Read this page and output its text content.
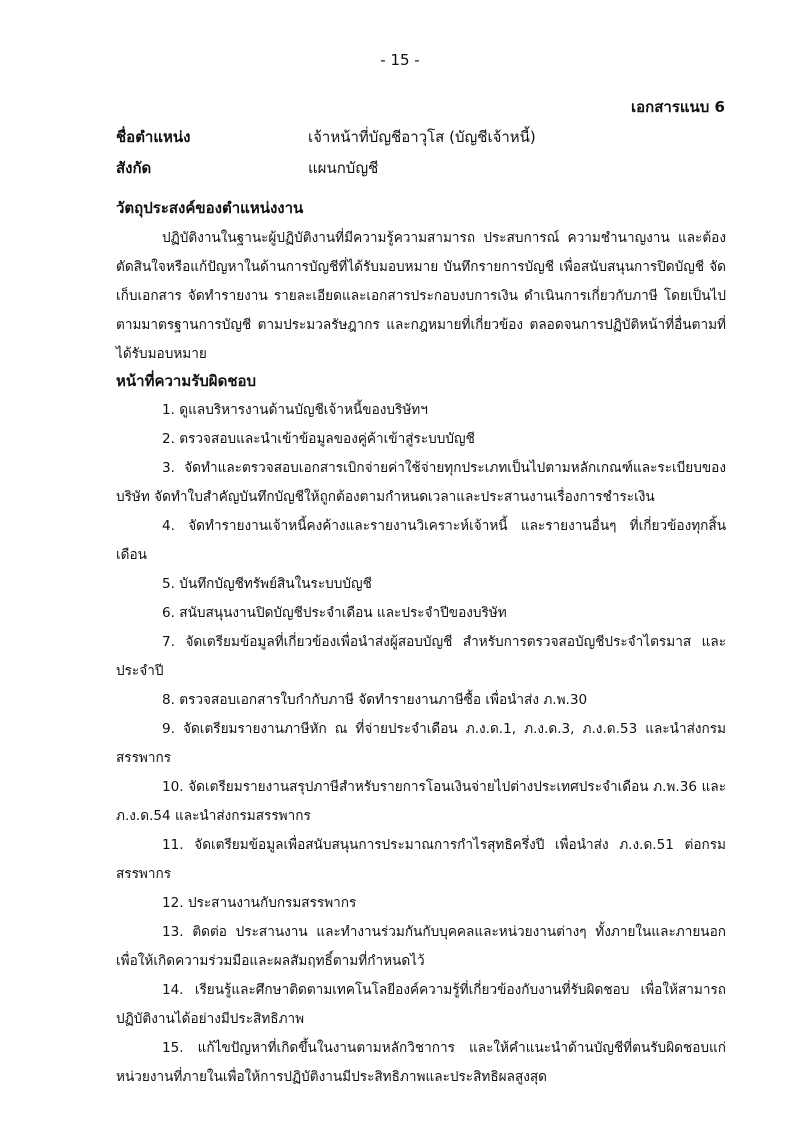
- 15 -
เอกสารแนบ 6
ชื่อตำแหน่ง	เจ้าหน้าที่บัญชีอาวุโส (บัญชีเจ้าหนี้)
สังกัด	แผนกบัญชี
วัตถุประสงค์ของตำแหน่งงาน

ปฏิบัติงานในฐานะผู้ปฏิบัติงานที่มีความรู้ความสามารถ ประสบการณ์ ความชำนาญงาน และต้องตัดสินใจหรือแก้ปัญหาในด้านการบัญชีที่ได้รับมอบหมาย บันทึกรายการบัญชี เพื่อสนับสนุนการปิดบัญชี จัดเก็บเอกสาร จัดทำรายงาน รายละเอียดและเอกสารประกอบงบการเงิน ดำเนินการเกี่ยวกับภาษี โดยเป็นไปตามมาตรฐานการบัญชี ตามประมวลรัษฎากร และกฎหมายที่เกี่ยวข้อง ตลอดจนการปฏิบัติหน้าที่อื่นตามที่ได้รับมอบหมาย

หน้าที่ความรับผิดชอบ

1. ดูแลบริหารงานด้านบัญชีเจ้าหนี้ของบริษัทฯ

2. ตรวจสอบและนำเข้าข้อมูลของคู่ค้าเข้าสู่ระบบบัญชี

3. จัดทำและตรวจสอบเอกสารเบิกจ่ายค่าใช้จ่ายทุกประเภทเป็นไปตามหลักเกณฑ์และระเบียบของบริษัท จัดทำใบสำคัญบันทึกบัญชีให้ถูกต้องตามกำหนดเวลาและประสานงานเรื่องการชำระเงิน

4. จัดทำรายงานเจ้าหนี้คงค้างและรายงานวิเคราะห์เจ้าหนี้ และรายงานอื่นๆ ที่เกี่ยวข้องทุกสิ้นเดือน

5. บันทึกบัญชีทรัพย์สินในระบบบัญชี

6. สนับสนุนงานปิดบัญชีประจำเดือน และประจำปีของบริษัท

7. จัดเตรียมข้อมูลที่เกี่ยวข้องเพื่อนำส่งผู้สอบบัญชี สำหรับการตรวจสอบัญชีประจำไตรมาส และประจำปี

8. ตรวจสอบเอกสารใบกำกับภาษี จัดทำรายงานภาษีซื้อ เพื่อนำส่ง ภ.พ.30

9. จัดเตรียมรายงานภาษีหัก ณ ที่จ่ายประจำเดือน ภ.ง.ด.1, ภ.ง.ด.3, ภ.ง.ด.53 และนำส่งกรมสรรพากร

10. จัดเตรียมรายงานสรุปภาษีสำหรับรายการโอนเงินจ่ายไปต่างประเทศประจำเดือน ภ.พ.36 และ ภ.ง.ด.54 และนำส่งกรมสรรพากร

11. จัดเตรียมข้อมูลเพื่อสนับสนุนการประมาณการกำไรสุทธิครึ่งปี เพื่อนำส่ง ภ.ง.ด.51 ต่อกรมสรรพากร

12. ประสานงานกับกรมสรรพากร

13. ติดต่อ ประสานงาน และทำงานร่วมกันกับบุคคลและหน่วยงานต่างๆ ทั้งภายในและภายนอก เพื่อให้เกิดความร่วมมือและผลสัมฤทธิ์ตามที่กำหนดไว้

14. เรียนรู้และศึกษาติดตามเทคโนโลยีองค์ความรู้ที่เกี่ยวข้องกับงานที่รับผิดชอบ เพื่อให้สามารถปฏิบัติงานได้อย่างมีประสิทธิภาพ

15. แก้ไขปัญหาที่เกิดขึ้นในงานตามหลักวิชาการ และให้คำแนะนำด้านบัญชีที่ตนรับผิดชอบแก่หน่วยงานที่ภายในเพื่อให้การปฏิบัติงานมีประสิทธิภาพและประสิทธิผลสูงสุด
